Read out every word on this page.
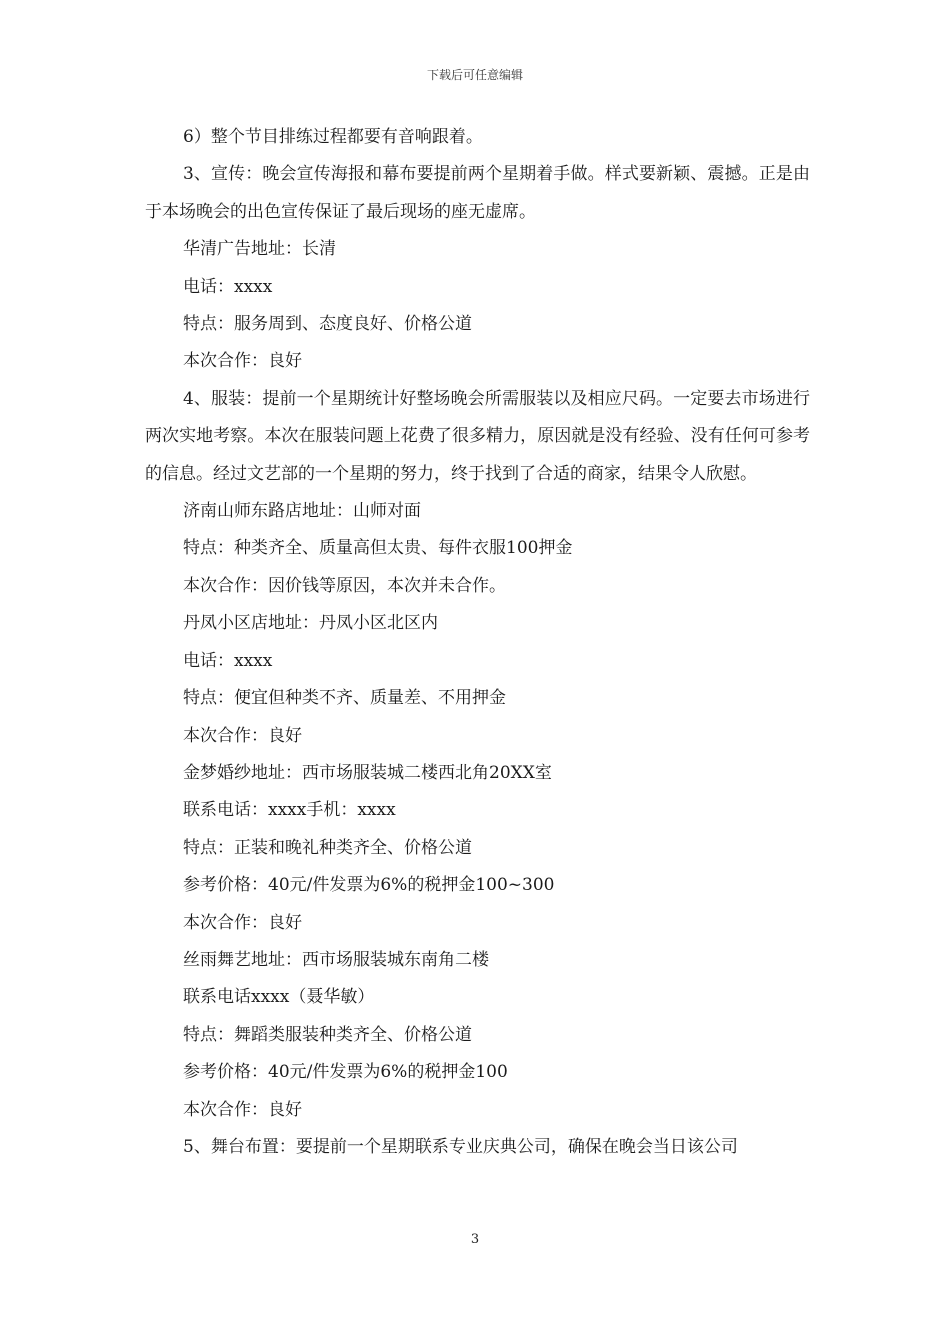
下载后可任意编辑

6）整个节目排练过程都要有音响跟着。

3、宣传：晚会宣传海报和幕布要提前两个星期着手做。样式要新颖、震撼。正是由于本场晚会的出色宣传保证了最后现场的座无虚席。

华清广告地址：长清

电话：xxxx

特点：服务周到、态度良好、价格公道

本次合作：良好

4、服装：提前一个星期统计好整场晚会所需服装以及相应尺码。一定要去市场进行两次实地考察。本次在服装问题上花费了很多精力，原因就是没有经验、没有任何可参考的信息。经过文艺部的一个星期的努力，终于找到了合适的商家，结果令人欣慰。

济南山师东路店地址：山师对面

特点：种类齐全、质量高但太贵、每件衣服100押金

本次合作：因价钱等原因，本次并未合作。

丹凤小区店地址：丹凤小区北区内

电话：xxxx

特点：便宜但种类不齐、质量差、不用押金

本次合作：良好

金梦婚纱地址：西市场服装城二楼西北角20XX室

联系电话：xxxx手机：xxxx

特点：正装和晚礼种类齐全、价格公道

参考价格：40元/件发票为6%的税押金100~300

本次合作：良好

丝雨舞艺地址：西市场服装城东南角二楼

联系电话xxxx（聂华敏）

特点：舞蹈类服装种类齐全、价格公道

参考价格：40元/件发票为6%的税押金100

本次合作：良好

5、舞台布置：要提前一个星期联系专业庆典公司，确保在晚会当日该公司

3
